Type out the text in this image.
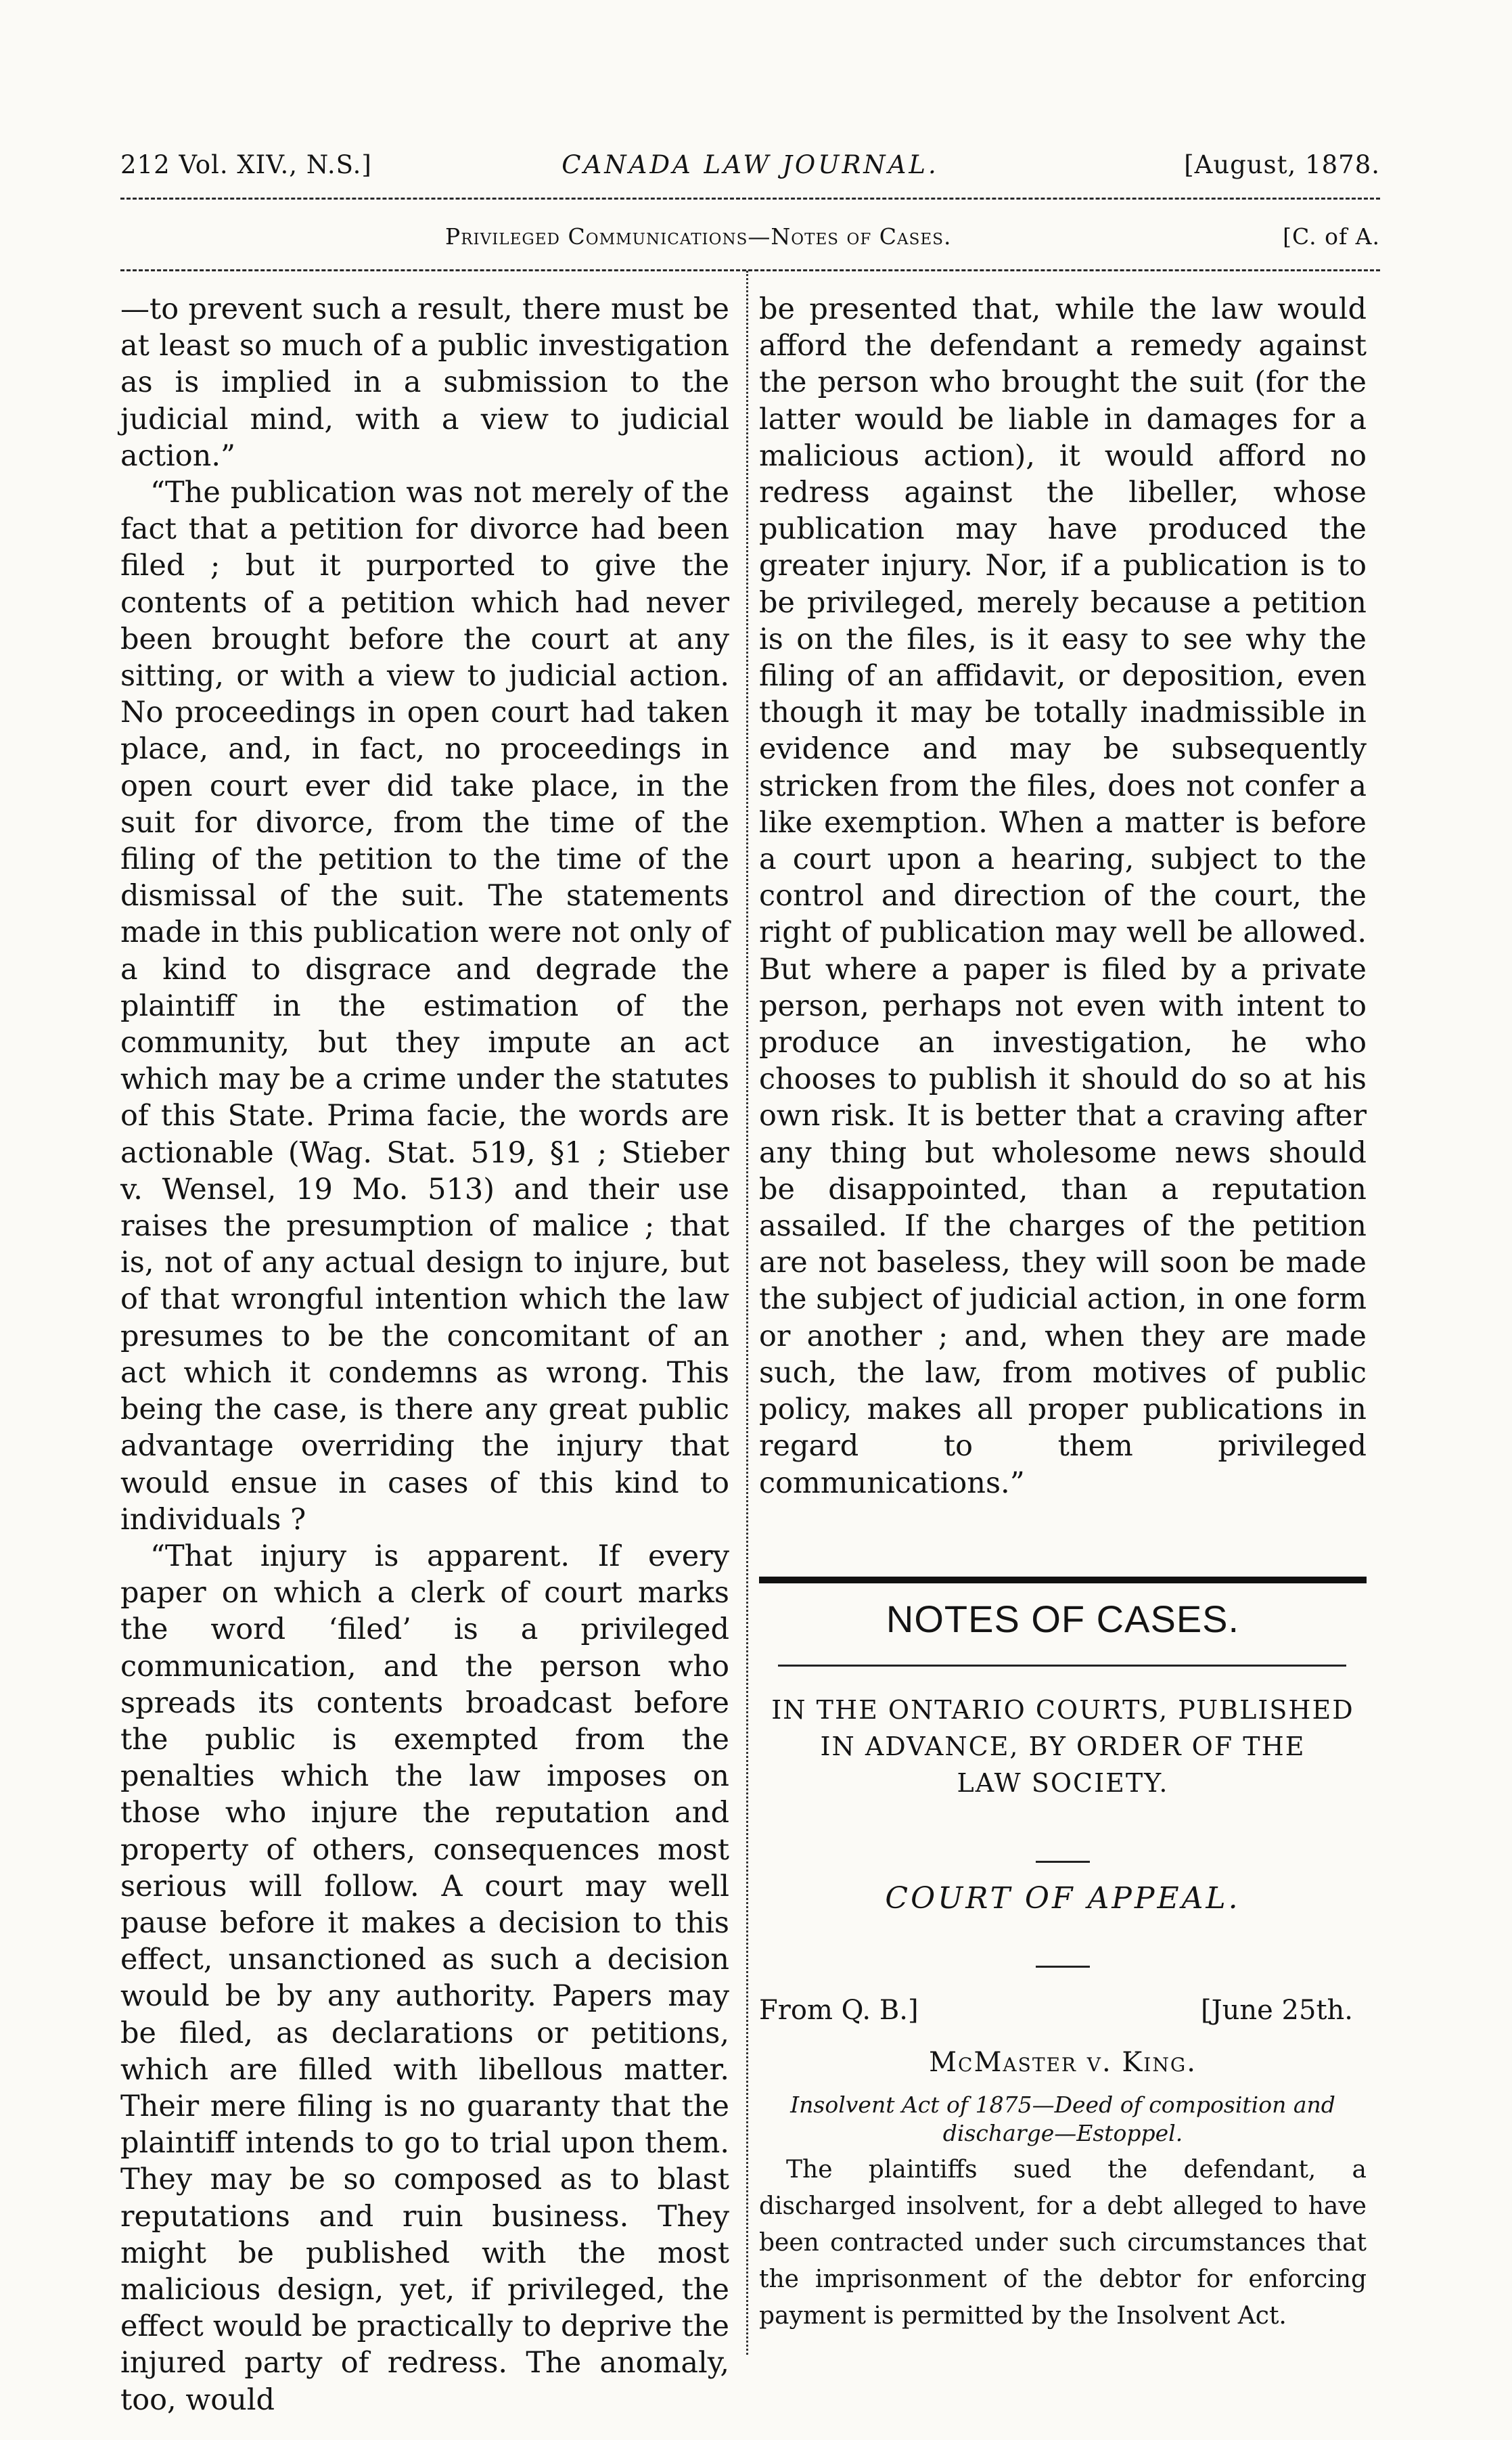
212 Vol. XIV., N.S.]	CANADA LAW JOURNAL.	[August, 1878.
Privileged Communications—Notes of Cases.	[C. of A.

—to prevent such a result, there must be at least so much of a public investigation as is implied in a submission to the judicial mind, with a view to judicial action.”

“The publication was not merely of the fact that a petition for divorce had been filed ; but it purported to give the contents of a petition which had never been brought before the court at any sitting, or with a view to judicial action. No proceedings in open court had taken place, and, in fact, no proceedings in open court ever did take place, in the suit for divorce, from the time of the filing of the petition to the time of the dismissal of the suit. The statements made in this publication were not only of a kind to disgrace and degrade the plaintiff in the estimation of the community, but they impute an act which may be a crime under the statutes of this State. Prima facie, the words are actionable (Wag. Stat. 519, §1 ; Stieber v. Wensel, 19 Mo. 513) and their use raises the presumption of malice ; that is, not of any actual design to injure, but of that wrongful intention which the law presumes to be the concomitant of an act which it condemns as wrong. This being the case, is there any great public advantage overriding the injury that would ensue in cases of this kind to individuals ?

“That injury is apparent. If every paper on which a clerk of court marks the word ‘filed’ is a privileged communication, and the person who spreads its contents broadcast before the public is exempted from the penalties which the law imposes on those who injure the reputation and property of others, consequences most serious will follow. A court may well pause before it makes a decision to this effect, unsanctioned as such a decision would be by any authority. Papers may be filed, as declarations or petitions, which are filled with libellous matter. Their mere filing is no guaranty that the plaintiff intends to go to trial upon them. They may be so composed as to blast reputations and ruin business. They might be published with the most malicious design, yet, if privileged, the effect would be practically to deprive the injured party of redress. The anomaly, too, would

be presented that, while the law would afford the defendant a remedy against the person who brought the suit (for the latter would be liable in damages for a malicious action), it would afford no redress against the libeller, whose publication may have produced the greater injury. Nor, if a publication is to be privileged, merely because a petition is on the files, is it easy to see why the filing of an affidavit, or deposition, even though it may be totally inadmissible in evidence and may be subsequently stricken from the files, does not confer a like exemption. When a matter is before a court upon a hearing, subject to the control and direction of the court, the right of publication may well be allowed. But where a paper is filed by a private person, perhaps not even with intent to produce an investigation, he who chooses to publish it should do so at his own risk. It is better that a craving after any thing but wholesome news should be disappointed, than a reputation assailed. If the charges of the petition are not baseless, they will soon be made the subject of judicial action, in one form or another ; and, when they are made such, the law, from motives of public policy, makes all proper publications in regard to them privileged communications.”

NOTES OF CASES.
IN THE ONTARIO COURTS, PUBLISHED
IN ADVANCE, BY ORDER OF THE
LAW SOCIETY.
COURT OF APPEAL.
From Q. B.]	[June 25th.
McMaster v. King.
Insolvent Act of 1875—Deed of composition and discharge—Estoppel.
The plaintiffs sued the defendant, a discharged insolvent, for a debt alleged to have been contracted under such circumstances that the imprisonment of the debtor for enforcing payment is permitted by the Insolvent Act.
